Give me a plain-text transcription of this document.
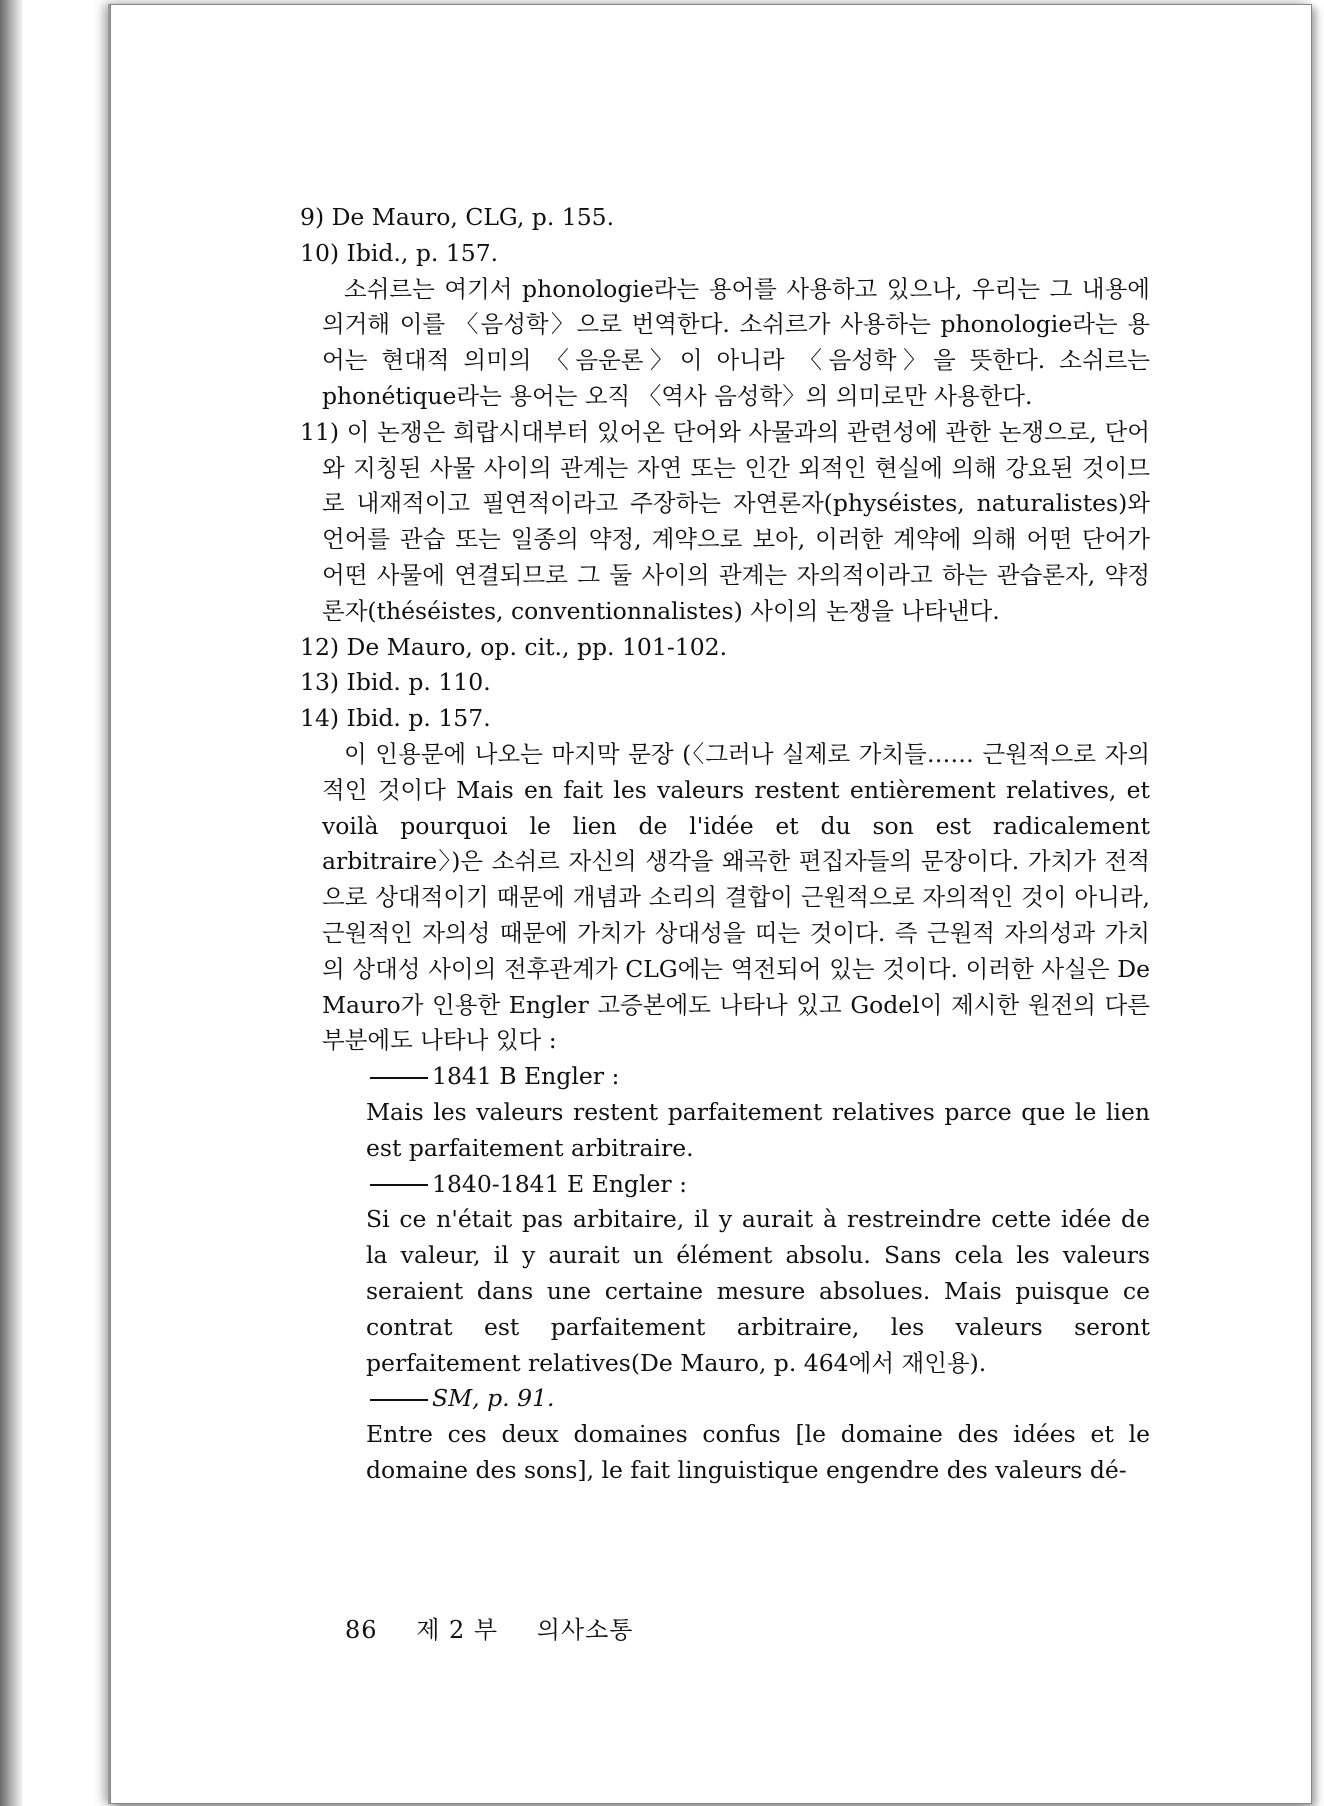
9) De Mauro, CLG, p. 155.

10) Ibid., p. 157.

소쉬르는 여기서 phonologie라는 용어를 사용하고 있으나, 우리는 그 내용에 의거해 이를 〈음성학〉으로 번역한다. 소쉬르가 사용하는 phonologie라는 용어는 현대적 의미의 〈음운론〉이 아니라 〈음성학〉을 뜻한다. 소쉬르는 phonétique라는 용어는 오직 〈역사 음성학〉의 의미로만 사용한다.

11) 이 논쟁은 희랍시대부터 있어온 단어와 사물과의 관련성에 관한 논쟁으로, 단어와 지칭된 사물 사이의 관계는 자연 또는 인간 외적인 현실에 의해 강요된 것이므로 내재적이고 필연적이라고 주장하는 자연론자(physéistes, naturalistes)와 언어를 관습 또는 일종의 약정, 계약으로 보아, 이러한 계약에 의해 어떤 단어가 어떤 사물에 연결되므로 그 둘 사이의 관계는 자의적이라고 하는 관습론자, 약정론자(théséistes, conventionnalistes) 사이의 논쟁을 나타낸다.

12) De Mauro, op. cit., pp. 101-102.

13) Ibid. p. 110.

14) Ibid. p. 157.

이 인용문에 나오는 마지막 문장 (〈그러나 실제로 가치들…… 근원적으로 자의적인 것이다 Mais en fait les valeurs restent entièrement relatives, et voilà pourquoi le lien de l'idée et du son est radicalement arbitraire〉)은 소쉬르 자신의 생각을 왜곡한 편집자들의 문장이다. 가치가 전적으로 상대적이기 때문에 개념과 소리의 결합이 근원적으로 자의적인 것이 아니라, 근원적인 자의성 때문에 가치가 상대성을 띠는 것이다. 즉 근원적 자의성과 가치의 상대성 사이의 전후관계가 CLG에는 역전되어 있는 것이다. 이러한 사실은 De Mauro가 인용한 Engler 고증본에도 나타나 있고 Godel이 제시한 원전의 다른 부분에도 나타나 있다 :

1841 B Engler :

Mais les valeurs restent parfaitement relatives parce que le lien est parfaitement arbitraire.

1840-1841 E Engler :

Si ce n'était pas arbitaire, il y aurait à restreindre cette idée de la valeur, il y aurait un élément absolu. Sans cela les valeurs seraient dans une certaine mesure absolues. Mais puisque ce contrat est parfaitement arbitraire, les valeurs seront perfaitement relatives(De Mauro, p. 464에서 재인용).

SM, p. 91.

Entre ces deux domaines confus [le domaine des idées et le domaine des sons], le fait linguistique engendre des valeurs dé-

86 제 2 부 의사소통
